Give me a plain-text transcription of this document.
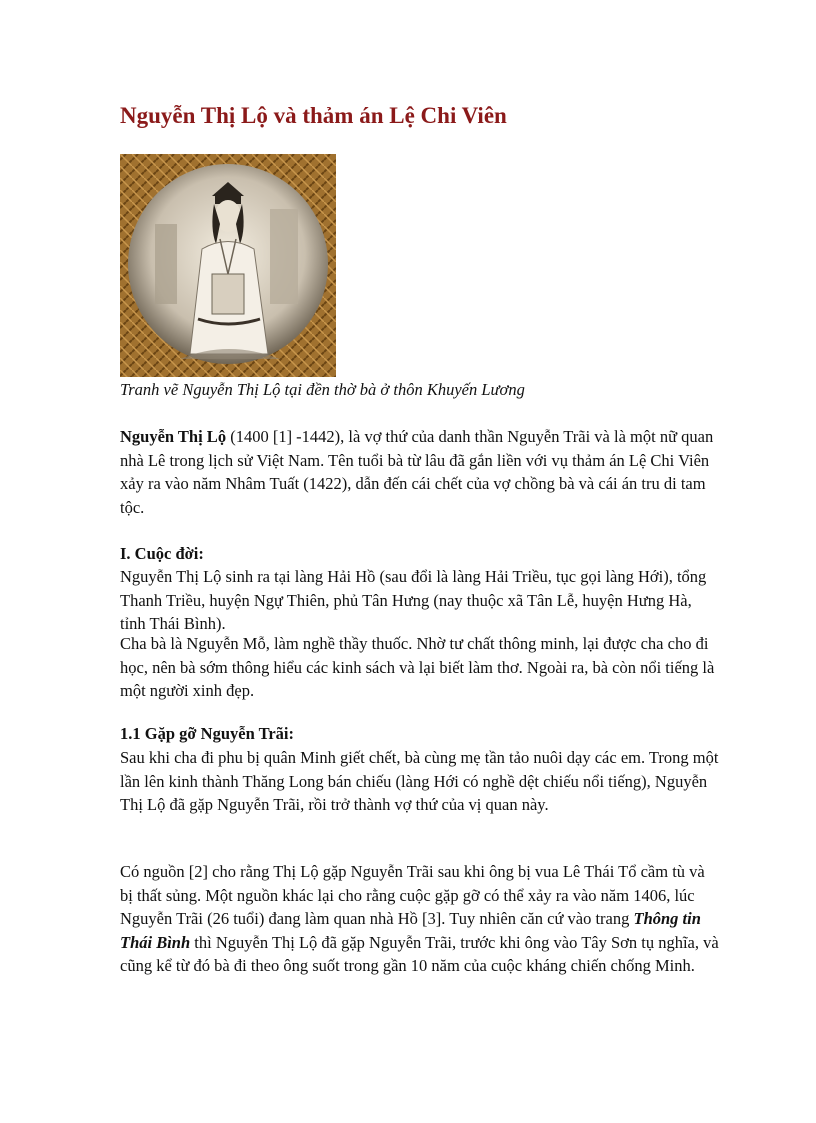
Nguyễn Thị Lộ và thảm án Lệ Chi Viên
Tranh vẽ Nguyễn Thị Lộ tại đền thờ bà ở thôn Khuyến Lương

Nguyễn Thị Lộ (1400 [1] -1442), là vợ thứ của danh thần Nguyễn Trãi và là một nữ quan nhà Lê trong lịch sử Việt Nam. Tên tuổi bà từ lâu đã gắn liền với vụ thảm án Lệ Chi Viên xảy ra vào năm Nhâm Tuất (1422), dẫn đến cái chết của vợ chồng bà và cái án tru di tam tộc.

I. Cuộc đời:

Nguyễn Thị Lộ sinh ra tại làng Hải Hồ (sau đổi là làng Hải Triều, tục gọi làng Hới), tổng Thanh Triều, huyện Ngự Thiên, phủ Tân Hưng (nay thuộc xã Tân Lễ, huyện Hưng Hà, tỉnh Thái Bình).

Cha bà là Nguyễn Mỗ, làm nghề thầy thuốc. Nhờ tư chất thông minh, lại được cha cho đi học, nên bà sớm thông hiểu các kinh sách và lại biết làm thơ. Ngoài ra, bà còn nổi tiếng là một người xinh đẹp.

1.1 Gặp gỡ Nguyễn Trãi:

Sau khi cha đi phu bị quân Minh giết chết, bà cùng mẹ tần tảo nuôi dạy các em. Trong một lần lên kinh thành Thăng Long bán chiếu (làng Hới có nghề dệt chiếu nổi tiếng), Nguyễn Thị Lộ đã gặp Nguyễn Trãi, rồi trở thành vợ thứ của vị quan này.

Có nguồn [2] cho rằng Thị Lộ gặp Nguyễn Trãi sau khi ông bị vua Lê Thái Tổ cầm tù và bị thất sủng. Một nguồn khác lại cho rằng cuộc gặp gỡ có thể xảy ra vào năm 1406, lúc Nguyễn Trãi (26 tuổi) đang làm quan nhà Hồ [3]. Tuy nhiên căn cứ vào trang Thông tin Thái Bình thì Nguyễn Thị Lộ đã gặp Nguyễn Trãi, trước khi ông vào Tây Sơn tụ nghĩa, và cũng kể từ đó bà đi theo ông suốt trong gần 10 năm của cuộc kháng chiến chống Minh.
